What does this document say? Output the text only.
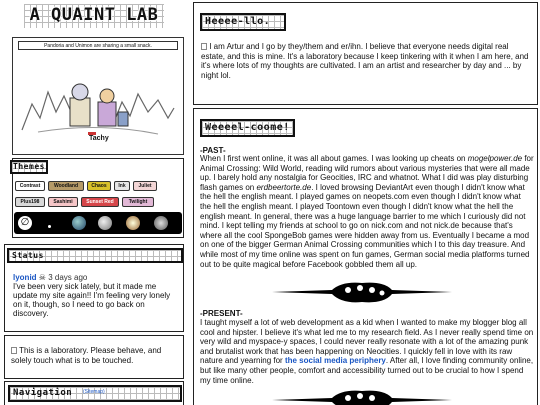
A QUAINT LAB
Pandoria and Unimon are sharing a small snack.
Tachy
Themes
Contrast	Woodland	Chaos	Ink	Juliet
Plus198	Sashimi	Sunset Red	Twilight
∅
Status
lyonid ☠ 3 days ago
I've been very sick lately, but it made me update my site again!! I'm feeling very lonely on it, though, so I need to go back on discovery.
This is a laboratory. Please behave, and solely touch what is to be touched.
Navigation	(Sitemap)
Heeee-llo.
I am Artur and I go by they/them and er/ihn. I believe that everyone needs digital real estate, and this is mine. It's a laboratory because I keep tinkering with it when I am here, and it's where lots of my thoughts are cultivated. I am an artist and researcher by day and ... by night lol.
Weeeel-coome!
-PAST-
When I first went online, it was all about games. I was looking up cheats on mogelpower.de for Animal Crossing: Wild World, reading wild rumors about various mysteries that were all made up. I barely hold any nostalgia for Geocities, IRC and whatnot. What I did was play disturbing flash games on erdbeertorte.de. I loved browsing DeviantArt even though I didn't know what the hell the english meant. I played games on neopets.com even though I didn't know what the hell the english meant. I played Toontown even though I didn't know what the hell the english meant. In general, there was a huge language barrier to me which I curiously did not mind. I kept telling my friends at school to go on nick.com and not nick.de because that's where all the cool SpongeBob games were hidden away from us. Eventually I became a mod on one of the bigger German Animal Crossing communities which I to this day treasure. And while most of my time online was spent on fun games, German social media platforms turned out to be quite magical before Facebook gobbled them all up.
-PRESENT-
I taught myself a lot of web development as a kid when I wanted to make my blogger blog all cool and hipster. I believe it's what led me to my research field. As I never really spend time on very wild and myspace-y spaces, I could never really resonate with a lot of the amazing punk and brutalist work that has been happening on Neocities. I quickly fell in love with its raw nature and yearning for the social media periphery. After all, I love finding community online, but like many other people, comfort and accessibility turned out to be crucial to how I spend my time online.
